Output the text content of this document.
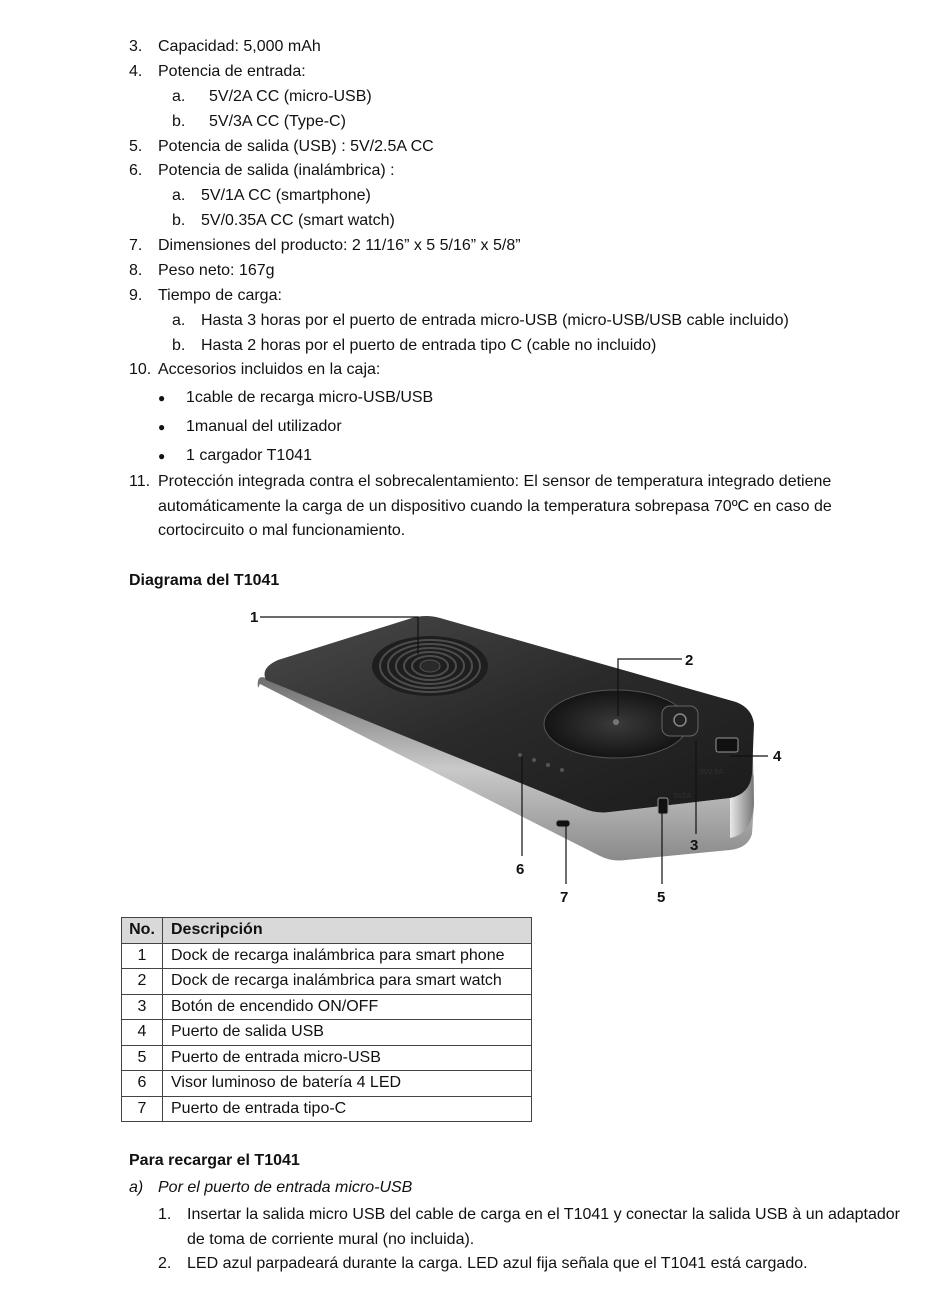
3. Capacidad: 5,000 mAh
4. Potencia de entrada:
a. 5V/2A CC (micro-USB)
b. 5V/3A CC (Type-C)
5. Potencia de salida (USB) : 5V/2.5A CC
6. Potencia de salida (inalámbrica) :
a. 5V/1A CC (smartphone)
b. 5V/0.35A CC (smart watch)
7. Dimensiones del producto: 2 11/16” x 5 5/16” x 5/8”
8. Peso neto: 167g
9. Tiempo de carga:
a. Hasta 3 horas por el puerto de entrada micro-USB (micro-USB/USB cable incluido)
b. Hasta 2 horas por el puerto de entrada tipo C (cable no incluido)
10. Accesorios incluidos en la caja:
● 1cable de recarga micro-USB/USB
● 1manual del utilizador
● 1 cargador T1041
11. Protección integrada contra el sobrecalentamiento: El sensor de temperatura integrado detiene
automáticamente la carga de un dispositivo cuando la temperatura sobrepasa 70ºC en caso de
cortocircuito o mal funcionamiento.
Diagrama del T1041
5V2.5A
5V2A
1
2
3
4
5
6
7
No.	Descripción
1	Dock de recarga inalámbrica para smart phone
2	Dock de recarga inalámbrica para smart watch
3	Botón de encendido ON/OFF
4	Puerto de salida USB
5	Puerto de entrada micro-USB
6	Visor luminoso de batería 4 LED
7	Puerto de entrada tipo-C
Para recargar el T1041
a) Por el puerto de entrada micro-USB
1. Insertar la salida micro USB del cable de carga en el T1041 y conectar la salida USB à un adaptador
de toma de corriente mural (no incluida).
2. LED azul parpadeará durante la carga. LED azul fija señala que el T1041 está cargado.
